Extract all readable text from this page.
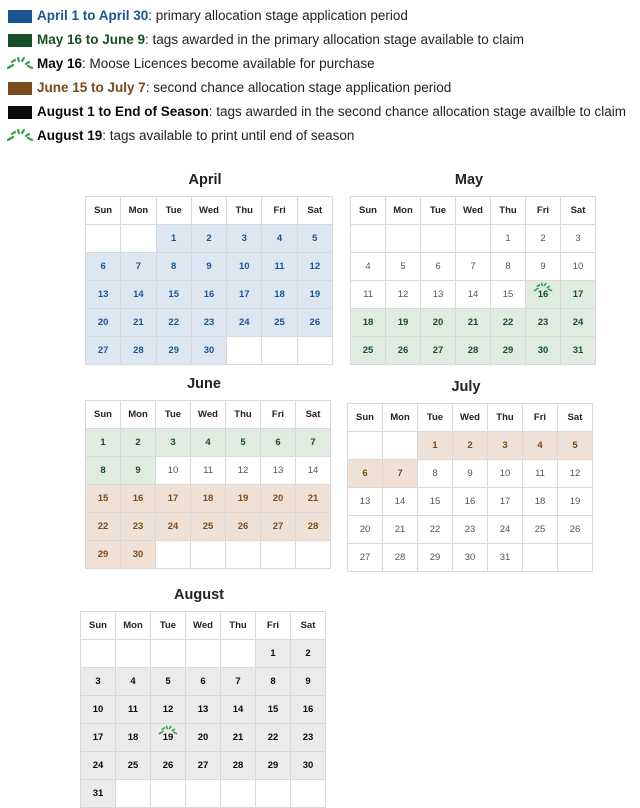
April 1 to April 30: primary allocation stage application period
May 16 to June 9: tags awarded in the primary allocation stage available to claim
May 16: Moose Licences become available for purchase
June 15 to July 7: second chance allocation stage application period
August 1 to End of Season: tags awarded in the second chance allocation stage availble to claim
August 19: tags available to print until end of season
April
Sun	Mon	Tue	Wed	Thu	Fri	Sat
		1	2	3	4	5
6	7	8	9	10	11	12
13	14	15	16	17	18	19
20	21	22	23	24	25	26
27	28	29	30			
May
Sun	Mon	Tue	Wed	Thu	Fri	Sat
				1	2	3
4	5	6	7	8	9	10
11	12	13	14	15	16	17
18	19	20	21	22	23	24
25	26	27	28	29	30	31
June
Sun	Mon	Tue	Wed	Thu	Fri	Sat
1	2	3	4	5	6	7
8	9	10	11	12	13	14
15	16	17	18	19	20	21
22	23	24	25	26	27	28
29	30					
July
Sun	Mon	Tue	Wed	Thu	Fri	Sat
		1	2	3	4	5
6	7	8	9	10	11	12
13	14	15	16	17	18	19
20	21	22	23	24	25	26
27	28	29	30	31		
August
Sun	Mon	Tue	Wed	Thu	Fri	Sat
					1	2
3	4	5	6	7	8	9
10	11	12	13	14	15	16
17	18	19	20	21	22	23
24	25	26	27	28	29	30
31						
